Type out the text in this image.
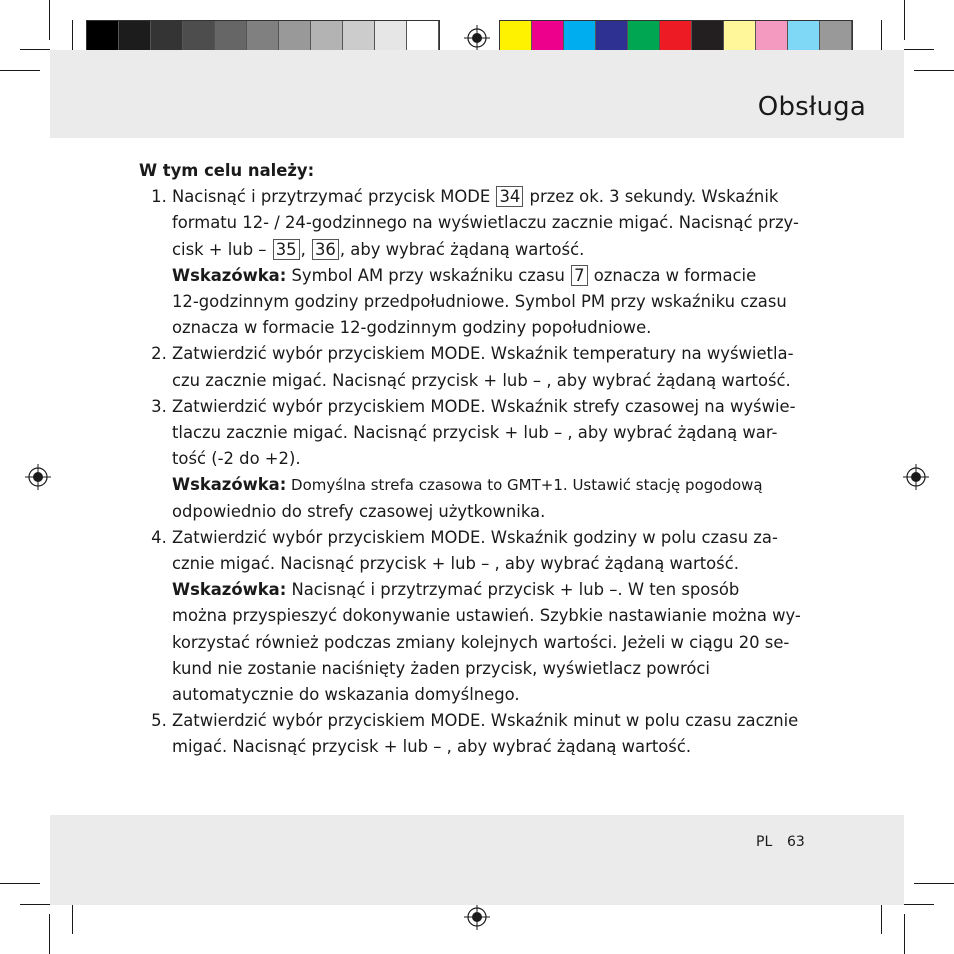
Obsługa

W tym celu należy:

1. Nacisnąć i przytrzymać przycisk MODE 34 przez ok. 3 sekundy. Wskaźnik
formatu 12- / 24-godzinnego na wyświetlaczu zacznie migać. Nacisnąć przy-
cisk + lub – 35 , 36 , aby wybrać żądaną wartość.
Wskazówka: Symbol AM przy wskaźniku czasu 7 oznacza w formacie
12-godzinnym godziny przedpołudniowe. Symbol PM przy wskaźniku czasu
oznacza w formacie 12-godzinnym godziny popołudniowe.
2. Zatwierdzić wybór przyciskiem MODE. Wskaźnik temperatury na wyświetla-
czu zacznie migać. Nacisnąć przycisk + lub – , aby wybrać żądaną wartość.
3. Zatwierdzić wybór przyciskiem MODE. Wskaźnik strefy czasowej na wyświe-
tlaczu zacznie migać. Nacisnąć przycisk + lub – , aby wybrać żądaną war-
tość (-2 do +2).
Wskazówka: Domyślna strefa czasowa to GMT+1. Ustawić stację pogodową
odpowiednio do strefy czasowej użytkownika.
4. Zatwierdzić wybór przyciskiem MODE. Wskaźnik godziny w polu czasu za-
cznie migać. Nacisnąć przycisk + lub – , aby wybrać żądaną wartość.
Wskazówka: Nacisnąć i przytrzymać przycisk + lub –. W ten sposób
można przyspieszyć dokonywanie ustawień. Szybkie nastawianie można wy-
korzystać również podczas zmiany kolejnych wartości. Jeżeli w ciągu 20 se-
kund nie zostanie naciśnięty żaden przycisk, wyświetlacz powróci
automatycznie do wskazania domyślnego.
5. Zatwierdzić wybór przyciskiem MODE. Wskaźnik minut w polu czasu zacznie
migać. Nacisnąć przycisk + lub – , aby wybrać żądaną wartość.
PL 63
